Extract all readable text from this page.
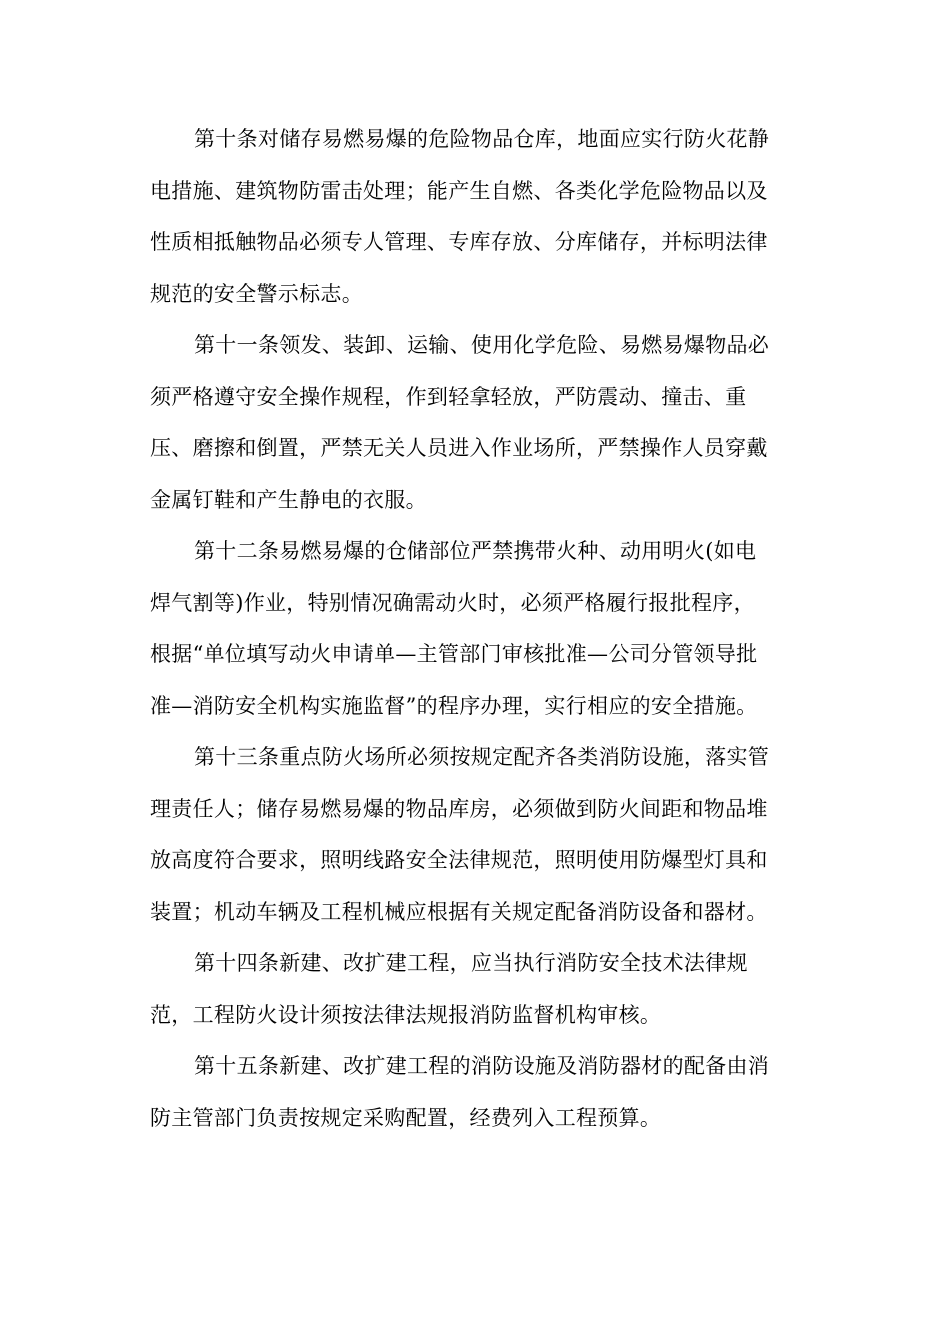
第十条对储存易燃易爆的危险物品仓库，地面应实行防火花静
电措施、建筑物防雷击处理；能产生自燃、各类化学危险物品以及
性质相抵触物品必须专人管理、专库存放、分库储存，并标明法律
规范的安全警示标志。
第十一条领发、装卸、运输、使用化学危险、易燃易爆物品必
须严格遵守安全操作规程，作到轻拿轻放，严防震动、撞击、重
压、磨擦和倒置，严禁无关人员进入作业场所，严禁操作人员穿戴
金属钉鞋和产生静电的衣服。
第十二条易燃易爆的仓储部位严禁携带火种、动用明火(如电
焊气割等)作业，特别情况确需动火时，必须严格履行报批程序，
根据“单位填写动火申请单—主管部门审核批准—公司分管领导批
准—消防安全机构实施监督”的程序办理，实行相应的安全措施。
第十三条重点防火场所必须按规定配齐各类消防设施，落实管
理责任人；储存易燃易爆的物品库房，必须做到防火间距和物品堆
放高度符合要求，照明线路安全法律规范，照明使用防爆型灯具和
装置；机动车辆及工程机械应根据有关规定配备消防设备和器材。
第十四条新建、改扩建工程，应当执行消防安全技术法律规
范，工程防火设计须按法律法规报消防监督机构审核。
第十五条新建、改扩建工程的消防设施及消防器材的配备由消
防主管部门负责按规定采购配置，经费列入工程预算。
